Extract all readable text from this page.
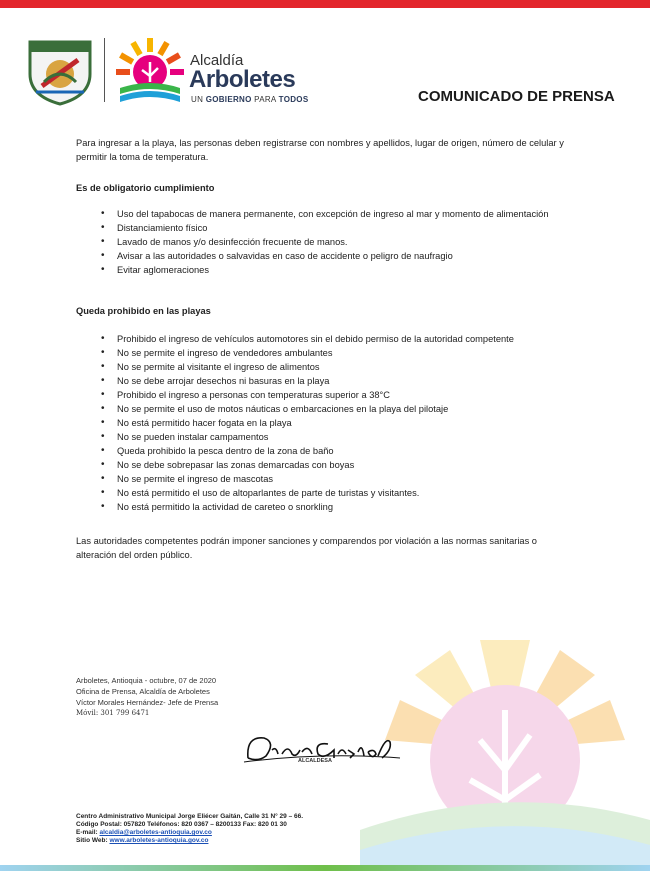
Alcaldía
Arboletes
UN GOBIERNO PARA TODOS	COMUNICADO DE PRENSA

Para ingresar a la playa, las personas deben registrarse con nombres y apellidos, lugar de origen, número de celular y permitir la toma de temperatura.

Es de obligatorio cumplimiento

• Uso del tapabocas de manera permanente, con excepción de ingreso al mar y momento de alimentación
• Distanciamiento físico
• Lavado de manos y/o desinfección frecuente de manos.
• Avisar a las autoridades o salvavidas en caso de accidente o peligro de naufragio
• Evitar aglomeraciones

Queda prohibido en las playas

• Prohibido el ingreso de vehículos automotores sin el debido permiso de la autoridad competente
• No se permite el ingreso de vendedores ambulantes
• No se permite al visitante el ingreso de alimentos
• No se debe arrojar desechos ni basuras en la playa
• Prohibido el ingreso a personas con temperaturas superior a 38°C
• No se permite el uso de motos náuticas o embarcaciones en la playa del pilotaje
• No está permitido hacer fogata en la playa
• No se pueden instalar campamentos
• Queda prohibido la pesca dentro de la zona de baño
• No se debe sobrepasar las zonas demarcadas con boyas
• No se permite el ingreso de mascotas
• No está permitido el uso de altoparlantes de parte de turistas y visitantes.
• No está permitido la actividad de careteo o snorkling

Las autoridades competentes podrán imponer sanciones y comparendos por violación a las normas sanitarias o alteración del orden público.

Arboletes, Antioquia - octubre, 07 de 2020
Oficina de Prensa, Alcaldía de Arboletes
Víctor Morales Hernández- Jefe de Prensa
Móvil: 301 799 6471
ALCALDESA
Centro Administrativo Municipal Jorge Eliécer Gaitán, Calle 31 N° 29 – 66.
Código Postal: 057820 Teléfonos: 820 0367 – 8200133 Fax: 820 01 30
E-mail: alcaldia@arboletes-antioquia.gov.co
Sitio Web: www.arboletes-antioquia.gov.co
